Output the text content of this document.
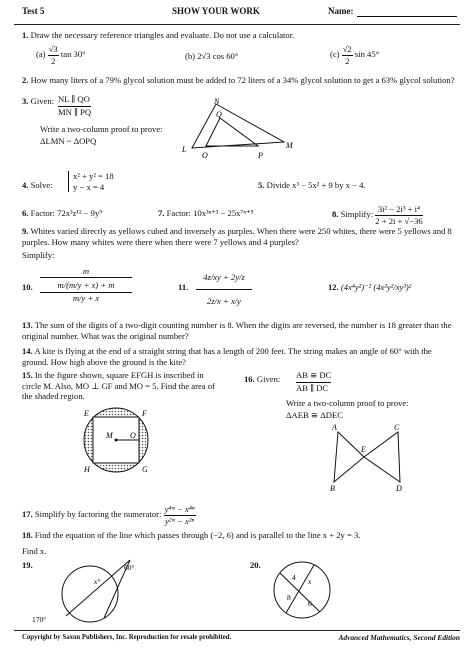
Test 5	SHOW YOUR WORK	Name:
1. Draw the necessary reference triangles and evaluate. Do not use a calculator.
$(a) \frac{√3}{2}$ tan 30°	(b) 2√3 cos 60°	$(c) \frac{√2}{2}$ sin 45°
2. How many liters of a 79% glycol solution must be added to 72 liters of a 34% glycol solution to get a 63% glycol solution?
3. Given: NL ∥ QO
MN ∥ PQ
Write a two-column proof to prove:
ΔLMN ~ ΔOPQ
N
Q
L
O	P
M
4. Solve:
x² + y² = 18
y − x = 4	5. Divide x³ − 5x² + 9 by x − 4.
6. Factor: 72x³z¹² − 9y⁹	7. Factor: 10x³ⁿ⁺³ − 25x⁷ⁿ⁺⁵	8. Simplify: $\frac{\text{3i² − 2i³ + i⁴}}{2 + 2i + √-36}$
9. Whites varied directly as yellows cubed and inversely as purples. When there were 250 whites, there were 5 yellows and 8 purples. How many whites were there when there were 7 yellows and 4 purples?
Simplify:
10.
m
m/(m/y + x) + m
m/y + x
11.
4z/xy + 2y/z
2z/x + x/y
12. (4x⁴y²)⁻² (4x²y²/xy³)²
13. The sum of the digits of a two-digit counting number is 8. When the digits are reversed, the number is 18 greater than the original number. What was the original number?
14. A kite is flying at the end of a straight string that has a length of 200 feet. The string makes an angle of 60° with the ground. How high above the ground is the kite?
15. In the figure shown, square EFGH is inscribed in circle M. Also, MO ⊥ GF and MO = 5. Find the area of the shaded region.
E	F
M O
H	G
16. Given: AB ≅ DC
AB ∥ DC
Write a two-column proof to prove:
ΔAEB ≅ ΔDEC
A	C
E
B	D
17. Simplify by factoring the numerator: $\frac{\text{y⁴ᵐ − x⁴ⁿ}}{\text{y²ᵐ − x²ⁿ}}$
18. Find the equation of the line which passes through (−2, 6) and is parallel to the line x + 2y = 3.
Find x.
19.
x°
60°
170°
20.
4 x
6
8
Copyright by Saxon Publishers, Inc. Reproduction for resale prohibited.	Advanced Mathematics, Second Edition
